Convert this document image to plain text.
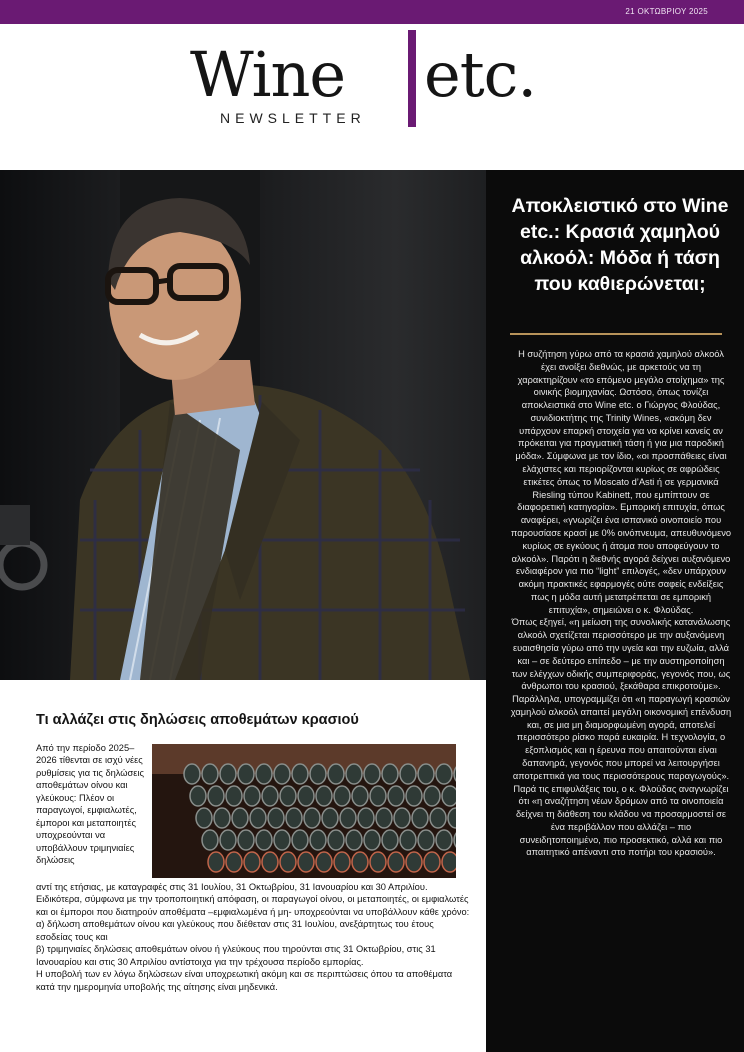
21 ΟΚΤΩΒΡΙΟΥ 2025
Wine etc.
NEWSLETTER
Αποκλειστικό στο Wine etc.: Κρασιά χαμηλού αλκοόλ: Μόδα ή τάση που καθιερώνεται;

Η συζήτηση γύρω από τα κρασιά χαμηλού αλκοόλ έχει ανοίξει διεθνώς, με αρκετούς να τη χαρακτηρίζουν «το επόμενο μεγάλο στοίχημα» της οινικής βιομηχανίας. Ωστόσο, όπως τονίζει αποκλειστικά στο Wine etc. ο Γιώργος Φλούδας, συνιδιοκτήτης της Trinity Wines, «ακόμη δεν υπάρχουν επαρκή στοιχεία για να κρίνει κανείς αν πρόκειται για πραγματική τάση ή για μια παροδική μόδα». Σύμφωνα με τον ίδιο, «οι προσπάθειες είναι ελάχιστες και περιορίζονται κυρίως σε αφρώδεις ετικέτες όπως το Moscato d’Asti ή σε γερμανικά Riesling τύπου Kabinett, που εμπίπτουν σε διαφορετική κατηγορία». Εμπορική επιτυχία, όπως αναφέρει, «γνωρίζει ένα ισπανικό οινοποιείο που παρουσίασε κρασί με 0% οινόπνευμα, απευθυνόμενο κυρίως σε εγκύους ή άτομα που αποφεύγουν το αλκοόλ». Παρότι η διεθνής αγορά δείχνει αυξανόμενο ενδιαφέρον για πιο “light” επιλογές, «δεν υπάρχουν ακόμη πρακτικές εφαρμογές ούτε σαφείς ενδείξεις πως η μόδα αυτή μετατρέπεται σε εμπορική επιτυχία», σημειώνει ο κ. Φλούδας.

Όπως εξηγεί, «η μείωση της συνολικής κατανάλωσης αλκοόλ σχετίζεται περισσότερο με την αυξανόμενη ευαισθησία γύρω από την υγεία και την ευζωία, αλλά και – σε δεύτερο επίπεδο – με την αυστηροποίηση των ελέγχων οδικής συμπεριφοράς, γεγονός που, ως άνθρωποι του κρασιού, ξεκάθαρα επικροτούμε».

Παράλληλα, υπογραμμίζει ότι «η παραγωγή κρασιών χαμηλού αλκοόλ απαιτεί μεγάλη οικονομική επένδυση και, σε μια μη διαμορφωμένη αγορά, αποτελεί περισσότερο ρίσκο παρά ευκαιρία. Η τεχνολογία, ο εξοπλισμός και η έρευνα που απαιτούνται είναι δαπανηρά, γεγονός που μπορεί να λειτουργήσει αποτρεπτικά για τους περισσότερους παραγωγούς». Παρά τις επιφυλάξεις του, ο κ. Φλούδας αναγνωρίζει ότι «η αναζήτηση νέων δρόμων από τα οινοποιεία δείχνει τη διάθεση του κλάδου να προσαρμοστεί σε ένα περιβάλλον που αλλάζει – πιο συνειδητοποιημένο, πιο προσεκτικό, αλλά και πιο απαιτητικό απέναντι στο ποτήρι του κρασιού».

Τι αλλάζει στις δηλώσεις αποθεμάτων κρασιού
Από την περίοδο 2025–2026 τίθενται σε ισχύ νέες ρυθμίσεις για τις δηλώσεις αποθεμάτων οίνου και γλεύκους: Πλέον οι παραγωγοί, εμφιαλωτές, έμποροι και μεταποιητές υποχρεούνται να υποβάλλουν τριμηνιαίες δηλώσεις

αντί της ετήσιας, με καταγραφές στις 31 Ιουλίου, 31 Οκτωβρίου, 31 Ιανουαρίου και 30 Απριλίου.

Ειδικότερα, σύμφωνα με την τροποποιητική απόφαση, οι παραγωγοί οίνου, οι μεταποιητές, οι εμφιαλωτές και οι έμποροι που διατηρούν αποθέματα –εμφιαλωμένα ή μη- υποχρεούνται να υποβάλλουν κάθε χρόνο:

α) δήλωση αποθεμάτων οίνου και γλεύκους που διέθεταν στις 31 Ιουλίου, ανεξάρτητως του έτους εσοδείας τους και

β) τριμηνιαίες δηλώσεις αποθεμάτων οίνου ή γλεύκους που τηρούνται στις 31 Οκτωβρίου, στις 31 Ιανουαρίου και στις 30 Απριλίου αντίστοιχα για την τρέχουσα περίοδο εμπορίας.

Η υποβολή των εν λόγω δηλώσεων είναι υποχρεωτική ακόμη και σε περιπτώσεις όπου τα αποθέματα κατά την ημερομηνία υποβολής της αίτησης είναι μηδενικά.
